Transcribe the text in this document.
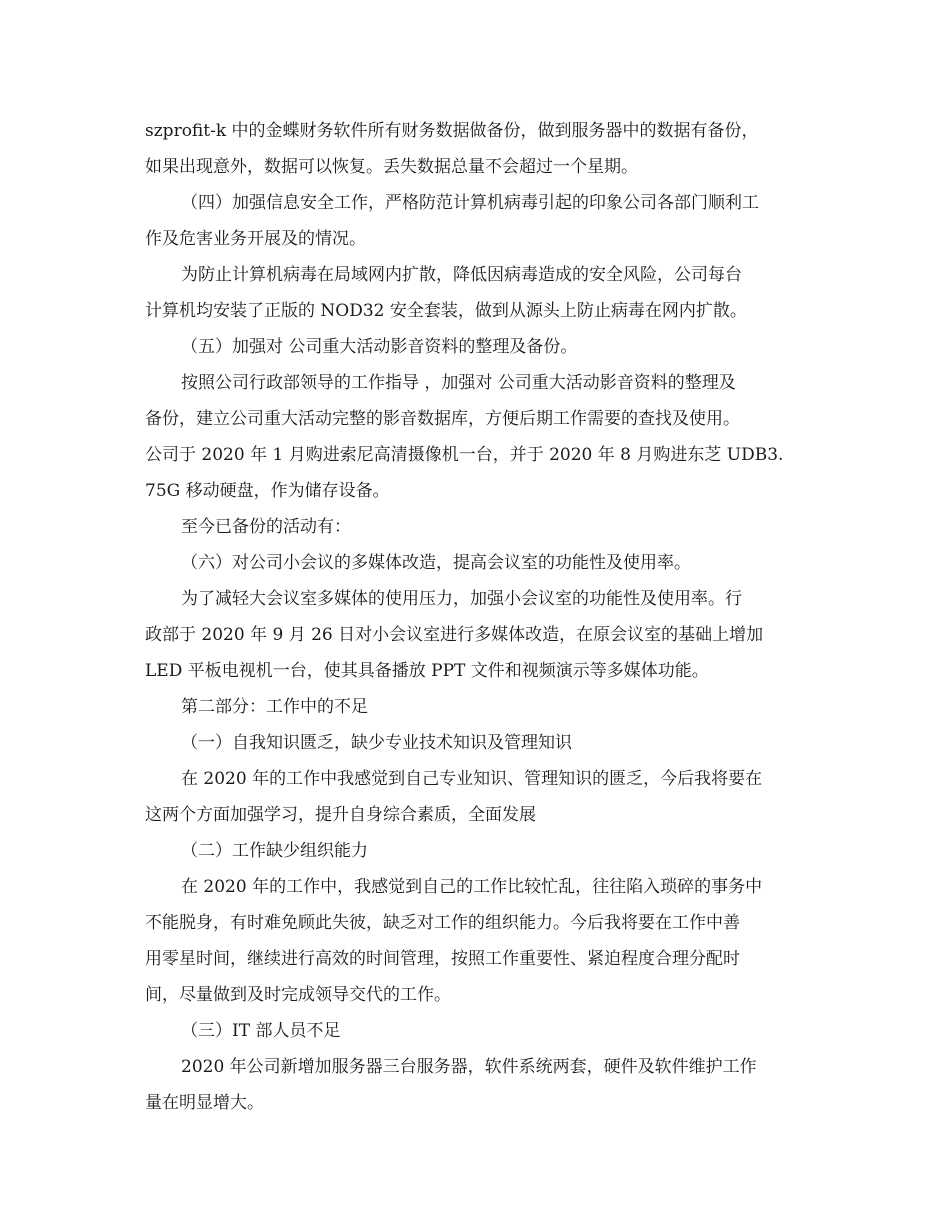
szprofit-k 中的金蝶财务软件所有财务数据做备份，做到服务器中的数据有备份，
如果出现意外，数据可以恢复。丢失数据总量不会超过一个星期。
（四）加强信息安全工作，严格防范计算机病毒引起的印象公司各部门顺利工
作及危害业务开展及的情况。
为防止计算机病毒在局域网内扩散，降低因病毒造成的安全风险，公司每台
计算机均安装了正版的 NOD32 安全套装，做到从源头上防止病毒在网内扩散。
（五）加强对 公司重大活动影音资料的整理及备份。
按照公司行政部领导的工作指导 ，加强对 公司重大活动影音资料的整理及
备份，建立公司重大活动完整的影音数据库，方便后期工作需要的查找及使用。
公司于 2020 年 1 月购进索尼高清摄像机一台，并于 2020 年 8 月购进东芝 UDB3.
75G 移动硬盘，作为储存设备。
至今已备份的活动有：
（六）对公司小会议的多媒体改造，提高会议室的功能性及使用率。
为了减轻大会议室多媒体的使用压力，加强小会议室的功能性及使用率。行
政部于 2020 年 9 月 26 日对小会议室进行多媒体改造，在原会议室的基础上增加
LED 平板电视机一台，使其具备播放 PPT 文件和视频演示等多媒体功能。
第二部分：工作中的不足
（一）自我知识匮乏，缺少专业技术知识及管理知识
在 2020 年的工作中我感觉到自己专业知识、管理知识的匮乏，今后我将要在
这两个方面加强学习，提升自身综合素质，全面发展
（二）工作缺少组织能力
在 2020 年的工作中，我感觉到自己的工作比较忙乱，往往陷入琐碎的事务中
不能脱身，有时难免顾此失彼，缺乏对工作的组织能力。今后我将要在工作中善
用零星时间，继续进行高效的时间管理，按照工作重要性、紧迫程度合理分配时
间，尽量做到及时完成领导交代的工作。
（三）IT 部人员不足
2020 年公司新增加服务器三台服务器，软件系统两套，硬件及软件维护工作
量在明显增大。
